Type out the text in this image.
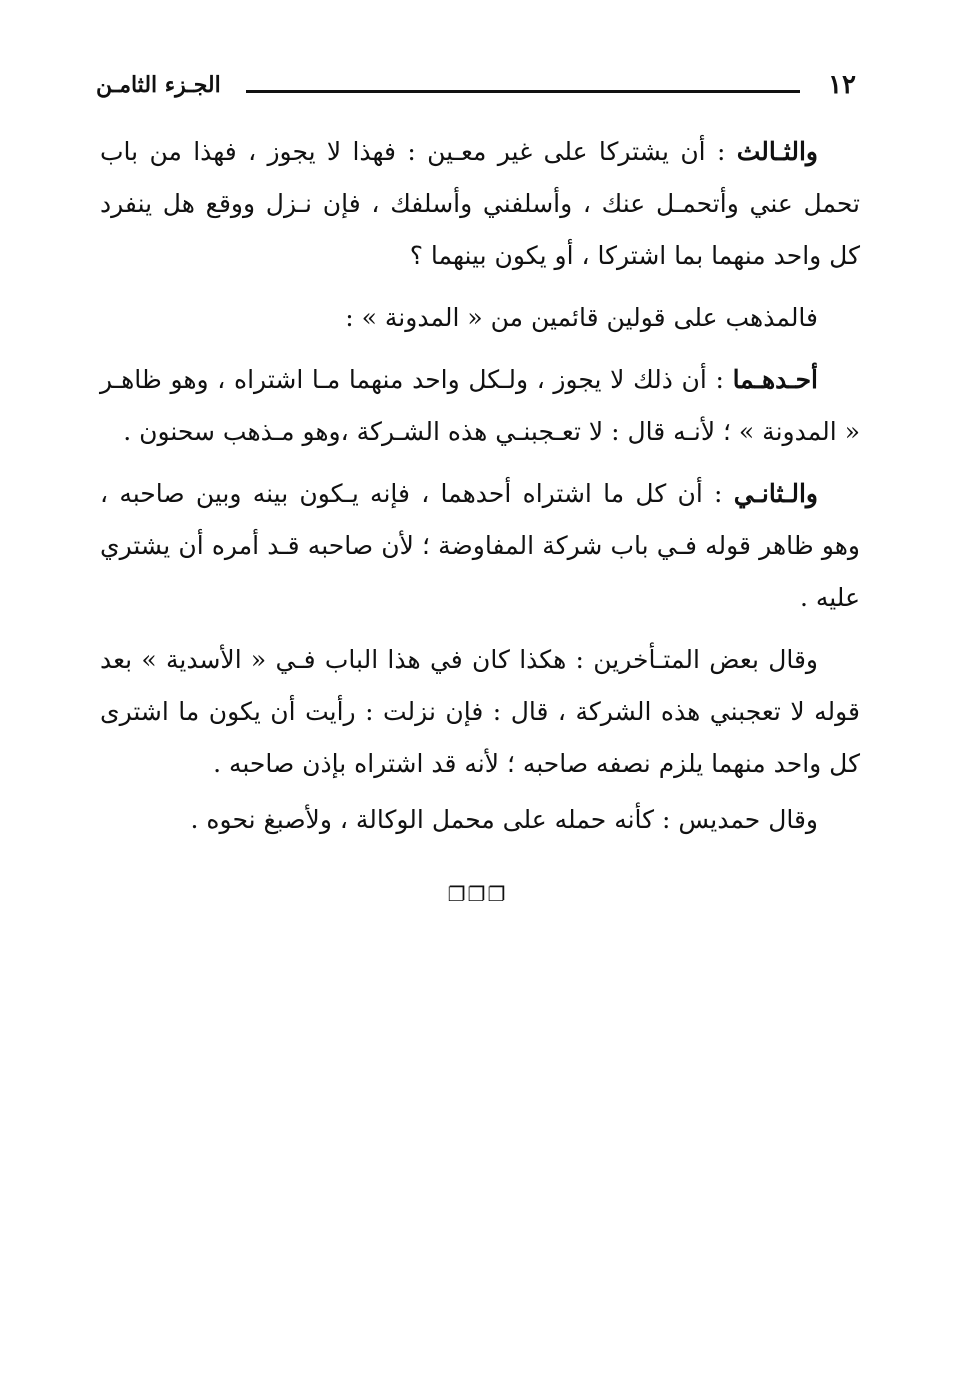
١٢
الجـزء الثامـن

والثـالث : أن يشتركا على غير معـين : فهذا لا يجوز ، فهذا من باب تحمل عني وأتحمـل عنك ، وأسلفني وأسلفك ، فإن نـزل ووقع هل ينفرد كل واحد منهما بما اشتركا ، أو يكون بينهما ؟

فالمذهب على قولين قائمين من « المدونة » :

أحـدهـما : أن ذلك لا يجوز ، ولـكل واحد منهما مـا اشتراه ، وهو ظاهـر « المدونة » ؛ لأنـه قال : لا تعـجبنـي هذه الشـركة ،وهو مـذهب سحنون .

والـثانـي : أن كل ما اشتراه أحدهما ، فإنه يـكون بينه وبين صاحبه ، وهو ظاهر قوله فـي باب شركة المفاوضة ؛ لأن صاحبه قـد أمره أن يشتري عليه .

وقال بعض المتـأخرين : هكذا كان في هذا الباب فـي « الأسدية » بعد قوله لا تعجبني هذه الشركة ، قال : فإن نزلت : رأيت أن يكون ما اشترى كل واحد منهما يلزم نصفه صاحبه ؛ لأنه قد اشتراه بإذن صاحبه .

وقال حمديس : كأنه حمله على محمل الوكالة ، ولأصبغ نحوه .

❐❐❐
